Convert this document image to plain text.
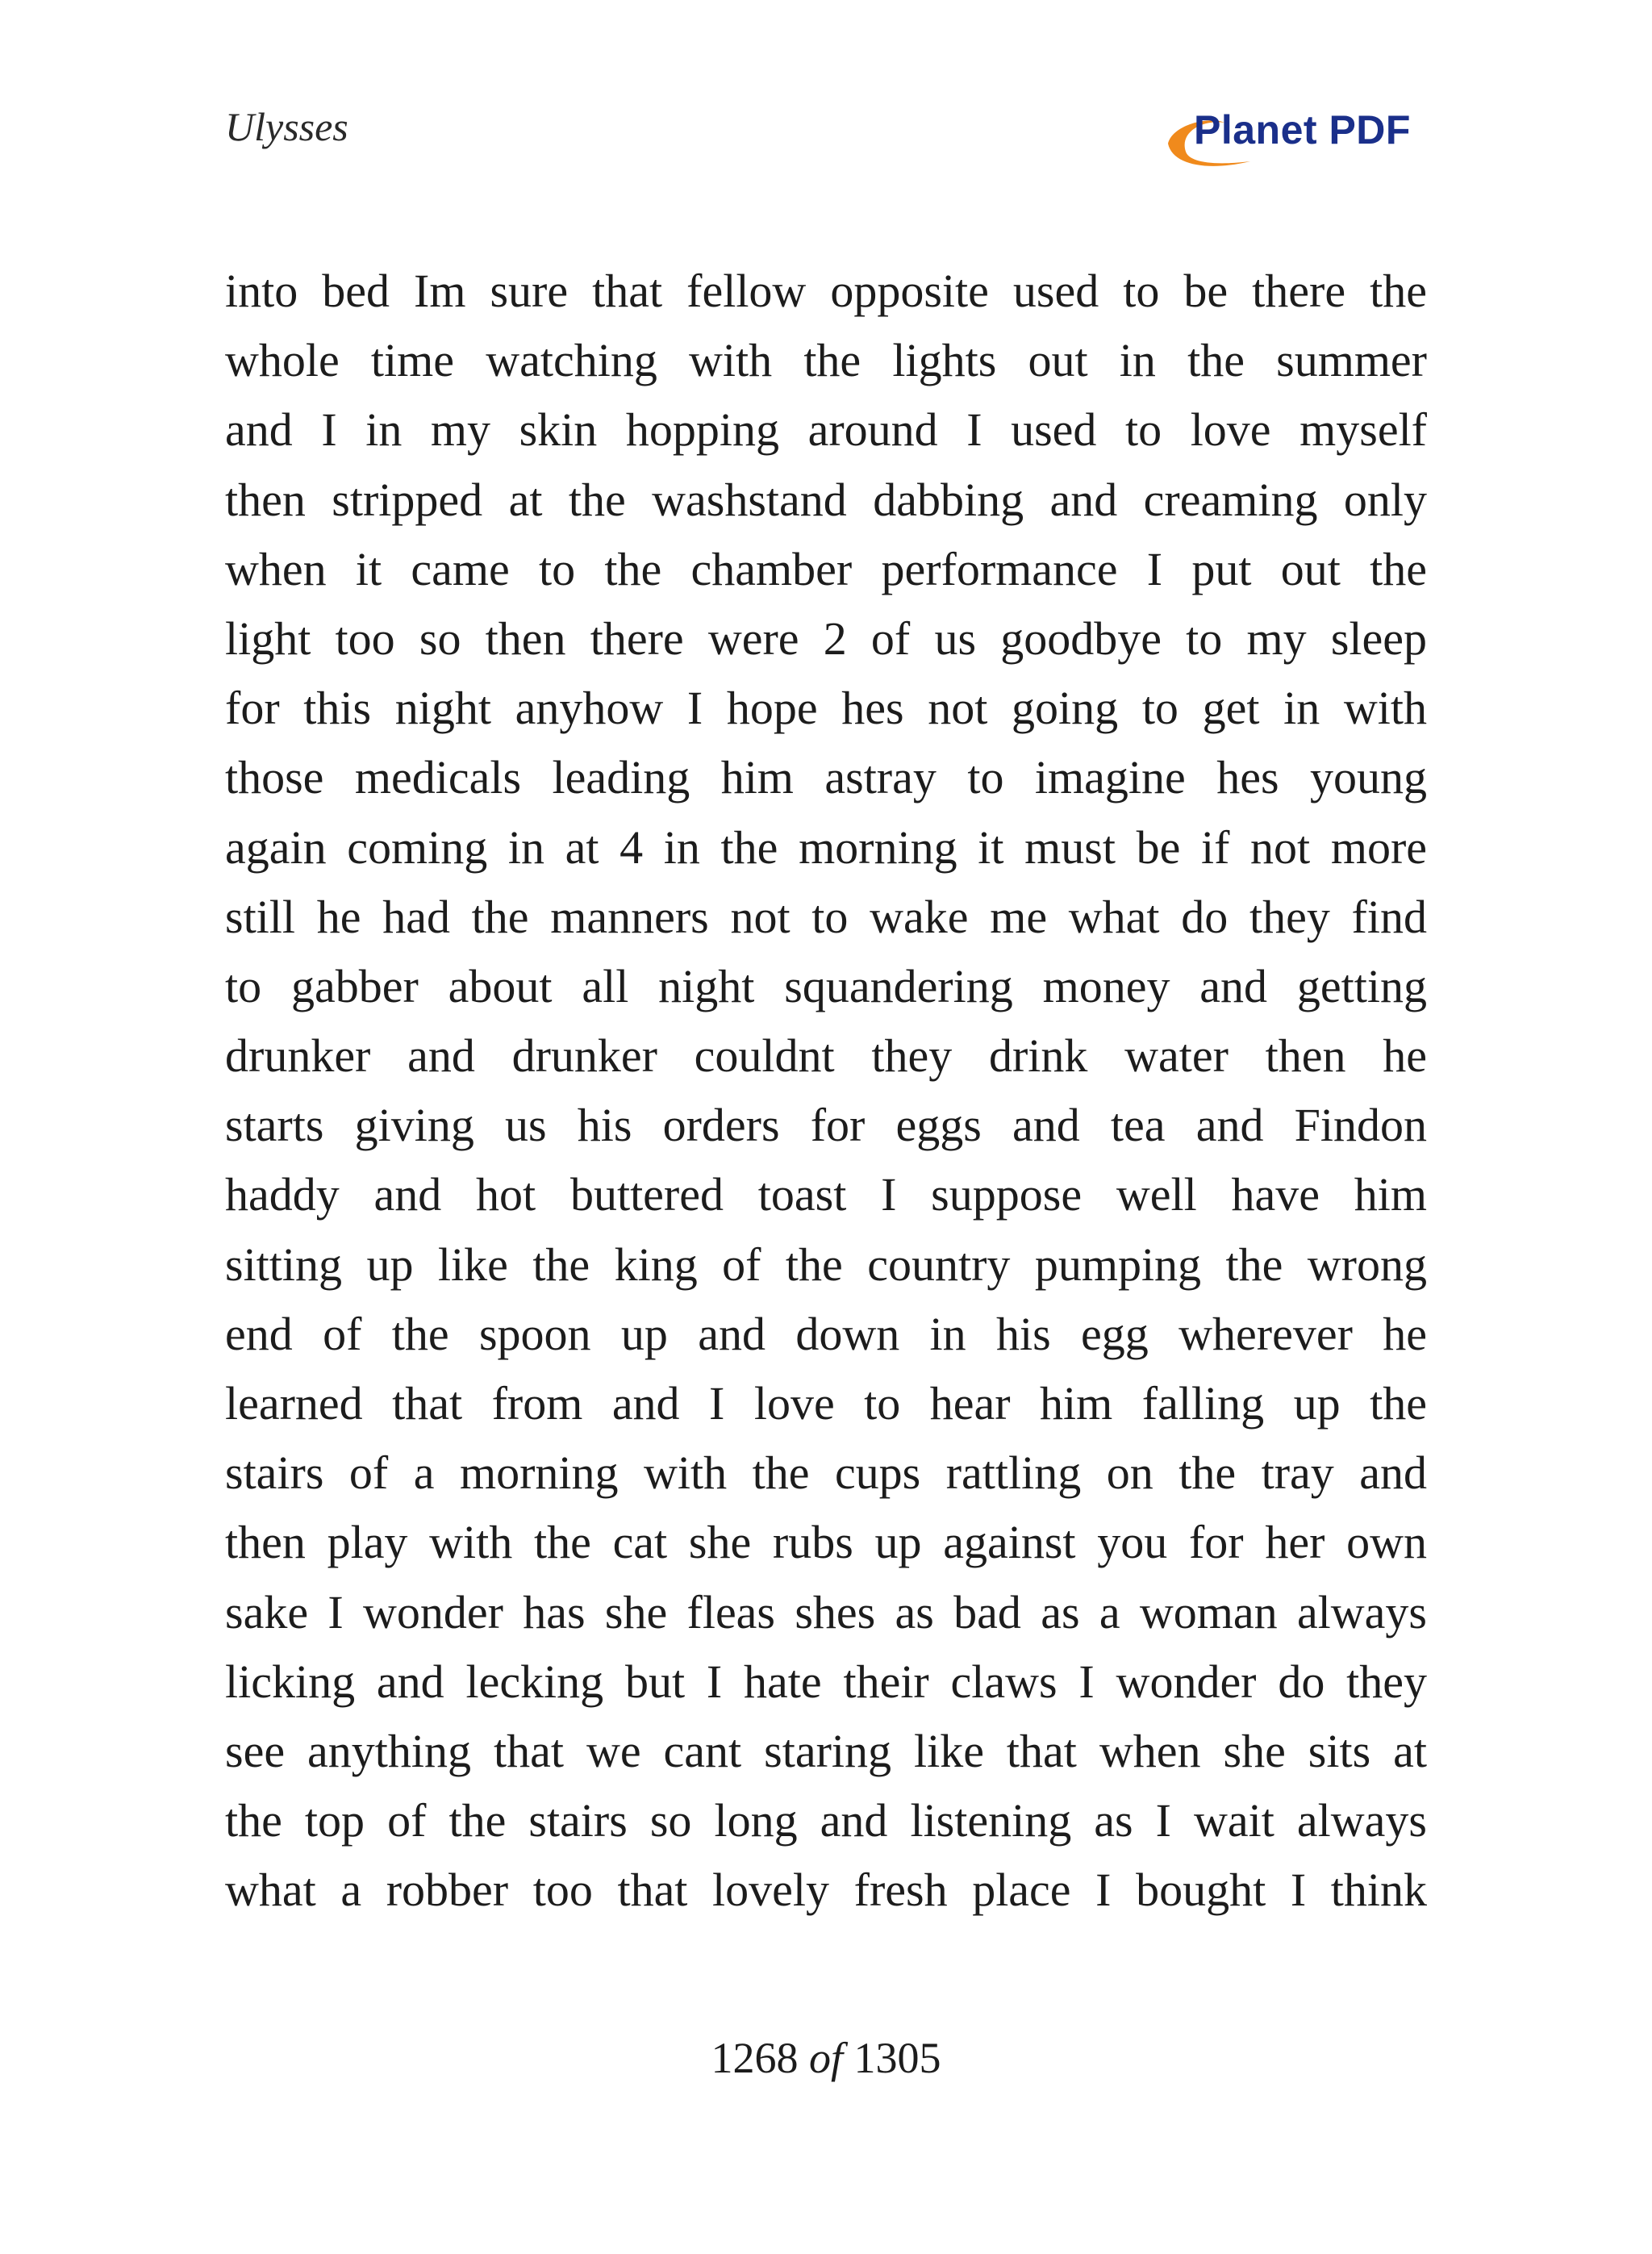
Ulysses	Planet PDF
into bed Im sure that fellow opposite used to be there the
whole time watching with the lights out in the summer
and I in my skin hopping around I used to love myself
then stripped at the washstand dabbing and creaming only
when it came to the chamber performance I put out the
light too so then there were 2 of us goodbye to my sleep
for this night anyhow I hope hes not going to get in with
those medicals leading him astray to imagine hes young
again coming in at 4 in the morning it must be if not more
still he had the manners not to wake me what do they find
to gabber about all night squandering money and getting
drunker and drunker couldnt they drink water then he
starts giving us his orders for eggs and tea and Findon
haddy and hot buttered toast I suppose well have him
sitting up like the king of the country pumping the wrong
end of the spoon up and down in his egg wherever he
learned that from and I love to hear him falling up the
stairs of a morning with the cups rattling on the tray and
then play with the cat she rubs up against you for her own
sake I wonder has she fleas shes as bad as a woman always
licking and lecking but I hate their claws I wonder do they
see anything that we cant staring like that when she sits at
the top of the stairs so long and listening as I wait always
what a robber too that lovely fresh place I bought I think
1268 of 1305
